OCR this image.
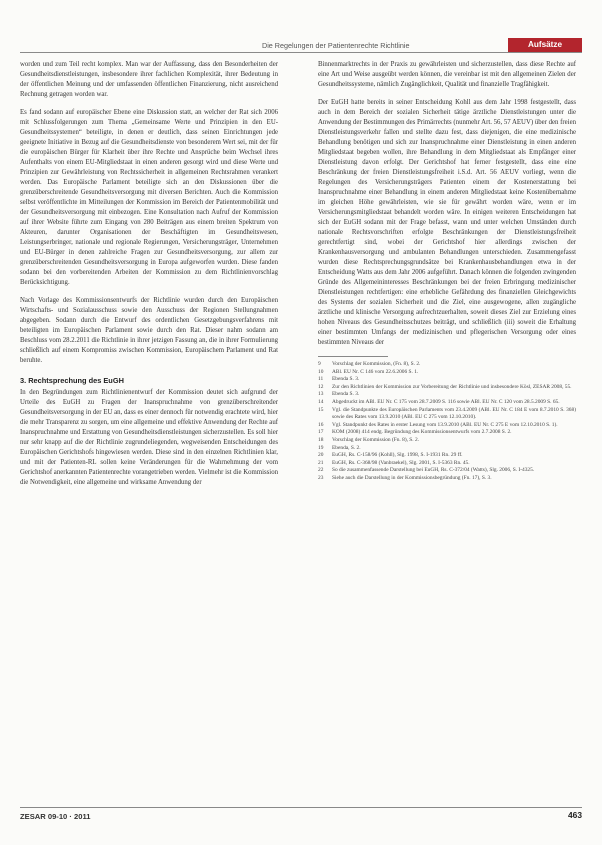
Die Regelungen der Patientenrechte Richtlinie	Aufsätze

worden und zum Teil recht komplex. Man war der Auffassung, dass den Besonderheiten der Gesundheitsdienstleistungen, insbesondere ihrer fachlichen Komplexität, ihrer Bedeutung in der öffentlichen Meinung und der umfassenden öffentlichen Finanzierung, nicht ausreichend Rechnung getragen worden war.

Es fand sodann auf europäischer Ebene eine Diskussion statt, an welcher der Rat sich 2006 mit Schlussfolgerungen zum Thema „Gemeinsame Werte und Prinzipien in den EU-Gesundheitssystemen“ beteiligte, in denen er deutlich, dass seinen Einrichtungen jede geeignete Initiative in Bezug auf die Gesundheitsdienste von besonderem Wert sei, mit der für die europäischen Bürger für Klarheit über ihre Rechte und Ansprüche beim Wechsel ihres Aufenthalts von einem EU-Mitgliedstaat in einen anderen gesorgt wird und diese Werte und Prinzipien zur Gewährleistung von Rechtssicherheit in allgemeinen Rechtsrahmen verankert werden. Das Europäische Parlament beteiligte sich an den Diskussionen über die grenzüberschreitende Gesundheitsversorgung mit diversen Berichten. Auch die Kommission selbst veröffentlichte im Mitteilungen der Kommission im Bereich der Patientenmobilität und der Gesundheitsversorgung mit einbezogen. Eine Konsultation nach Aufruf der Kommission auf ihrer Website führte zum Eingang von 280 Beiträgen aus einem breiten Spektrum von Akteuren, darunter Organisationen der Beschäftigten im Gesundheitswesen, Leistungserbringer, nationale und regionale Regierungen, Versicherungsträger, Unternehmen und EU-Bürger in denen zahlreiche Fragen zur Gesundheitsversorgung, zur allem zur grenzüberschreitenden Gesundheitsversorgung in Europa aufgeworfen wurden. Diese fanden sodann bei den vorbereitenden Arbeiten der Kommission zu dem Richtlinienvorschlag Berücksichtigung.

Nach Vorlage des Kommissionsentwurfs der Richtlinie wurden durch den Europäischen Wirtschafts- und Sozialausschuss sowie den Ausschuss der Regionen Stellungnahmen abgegeben. Sodann durch die Entwurf des ordentlichen Gesetzgebungsverfahrens mit beteiligten im Europäischen Parlament sowie durch den Rat. Dieser nahm sodann am Beschluss vom 28.2.2011 die Richtlinie in ihrer jetzigen Fassung an, die in ihrer Formulierung schließlich auf einem Kompromiss zwischen Kommission, Europäischem Parlament und Rat beruhte.

3. Rechtsprechung des EuGH

In den Begründungen zum Richtlinienentwurf der Kommission deutet sich aufgrund der Urteile des EuGH zu Fragen der Inanspruchnahme von grenzüberschreitender Gesundheitsversorgung in der EU an, dass es einer dennoch für notwendig erachtete wird, hier die mehr Transparenz zu sorgen, um eine allgemeine und effektive Anwendung der Rechte auf Inanspruchnahme und Erstattung von Gesundheitsdienstleistungen sicherzustellen. Es soll hier nur sehr knapp auf die der Richtlinie zugrundeliegenden, wegweisenden Entscheidungen des Europäischen Gerichtshofs hingewiesen werden. Diese sind in den einzelnen Richtlinien klar, und mit der Patienten-RL sollen keine Veränderungen für die Wahrnehmung der vom Gerichtshof anerkannten Patientenrechte vorangetrieben werden. Vielmehr ist die Kommission die Notwendigkeit, eine allgemeine und wirksame Anwendung der

Binnenmarktrechts in der Praxis zu gewährleisten und sicherzustellen, dass diese Rechte auf eine Art und Weise ausgeübt werden können, die vereinbar ist mit den allgemeinen Zielen der Gesundheitssysteme, nämlich Zugänglichkeit, Qualität und finanzielle Tragfähigkeit.

Der EuGH hatte bereits in seiner Entscheidung Kohll aus dem Jahr 1998 festgestellt, dass auch in dem Bereich der sozialen Sicherheit tätige ärztliche Dienstleistungen unter die Anwendung der Bestimmungen des Primärrechts (nunmehr Art. 56, 57 AEUV) über den freien Dienstleistungsverkehr fallen und stellte dazu fest, dass diejenigen, die eine medizinische Behandlung benötigen und sich zur Inanspruchnahme einer Dienstleistung in einen anderen Mitgliedstaat begeben wollen, ihre Behandlung in dem Mitgliedstaat als Empfänger einer Dienstleistung davon erfolgt. Der Gerichtshof hat ferner festgestellt, dass eine eine Beschränkung der freien Dienstleistungsfreiheit i.S.d. Art. 56 AEUV vorliegt, wenn die Regelungen des Versicherungsträgers Patienten einem der Kostenerstattung bei Inanspruchnahme einer Behandlung in einem anderen Mitgliedstaat keine Kostenübernahme im gleichen Höhe gewährleisten, wie sie für gewährt worden wäre, wenn er im Versicherungsmitgliedstaat behandelt worden wäre. In einigen weiteren Entscheidungen hat sich der EuGH sodann mit der Frage befasst, wann und unter welchen Umständen durch nationale Rechtsvorschriften erfolgte Beschränkungen der Dienstleistungsfreiheit gerechtfertigt sind, wobei der Gerichtshof hier allerdings zwischen der Krankenhausversorgung und ambulanten Behandlungen unterschieden. Zusammengefasst wurden diese Rechtsprechungsgrundsätze bei Krankenhausbehandlungen etwa in der Entscheidung Watts aus dem Jahr 2006 aufgeführt. Danach können die folgenden zwingenden Gründe des Allgemeininteresses Beschränkungen bei der freien Erbringung medizinischer Dienstleistungen rechtfertigen: eine erhebliche Gefährdung des finanziellen Gleichgewichts des Systems der sozialen Sicherheit und die Ziel, eine ausgewogene, allen zugängliche ärztliche und klinische Versorgung aufrechtzuerhalten, soweit dieses Ziel zur Erzielung eines hohen Niveaus des Gesundheitsschutzes beiträgt, und schließlich (iii) soweit die Erhaltung einer bestimmten Umfangs der medizinischen und pflegerischen Versorgung oder eines bestimmten Niveaus der

9	Vorschlag der Kommission, (Fn. 8), S. 2.
10	ABl. EU Nr. C 146 vom 22.6.2006 S. 1.
11	Ebenda S. 3.
12	Zur den Richtlinien der Kommission zur Vorbereitung der Richtlinie und insbesondere Kösl, ZESAR 2008, 55.
13	Ebenda S. 3.
14	Abgedruckt im ABl. EU Nr. C 175 vom 28.7.2009 S. 116 sowie ABl. EU Nr. C 120 vom 28.5.2009 S. 65.
15	Vgl. die Standpunkte des Europäischen Parlaments vom 23.4.2009 (ABl. EU Nr. C 184 E vom 8.7.2010 S. 368) sowie des Rates vom 13.9.2010 (ABl. EU C 275 vom 12.10.2010).
16	Vgl. Standpunkt des Rates in erster Lesung vom 13.9.2010 (ABl. EU Nr. C 275 E vom 12.10.2010 S. 1).
17	KOM (2008) 414 endg. Begründung des Kommissionsentwurfs vom 2.7.2008 S. 2.
18	Vorschlag der Kommission (Fn. 8), S. 2.
19	Ebenda, S. 2.
20	EuGH, Rs. C-158/96 (Kohll), Slg. 1998, S. I-1931 Rn. 29 ff.
21	EuGH, Rs. C-368/98 (Vanbraekel), Slg. 2001, S. I-5363 Rn. 45.
22	So die zusammenfassende Darstellung bei EuGH, Rs. C-372/04 (Watts), Slg. 2006, S. I-4325.
23	Siehe auch die Darstellung in der Kommissionsbegründung (Fn. 17), S. 3.
ZESAR 09-10 · 2011	463
